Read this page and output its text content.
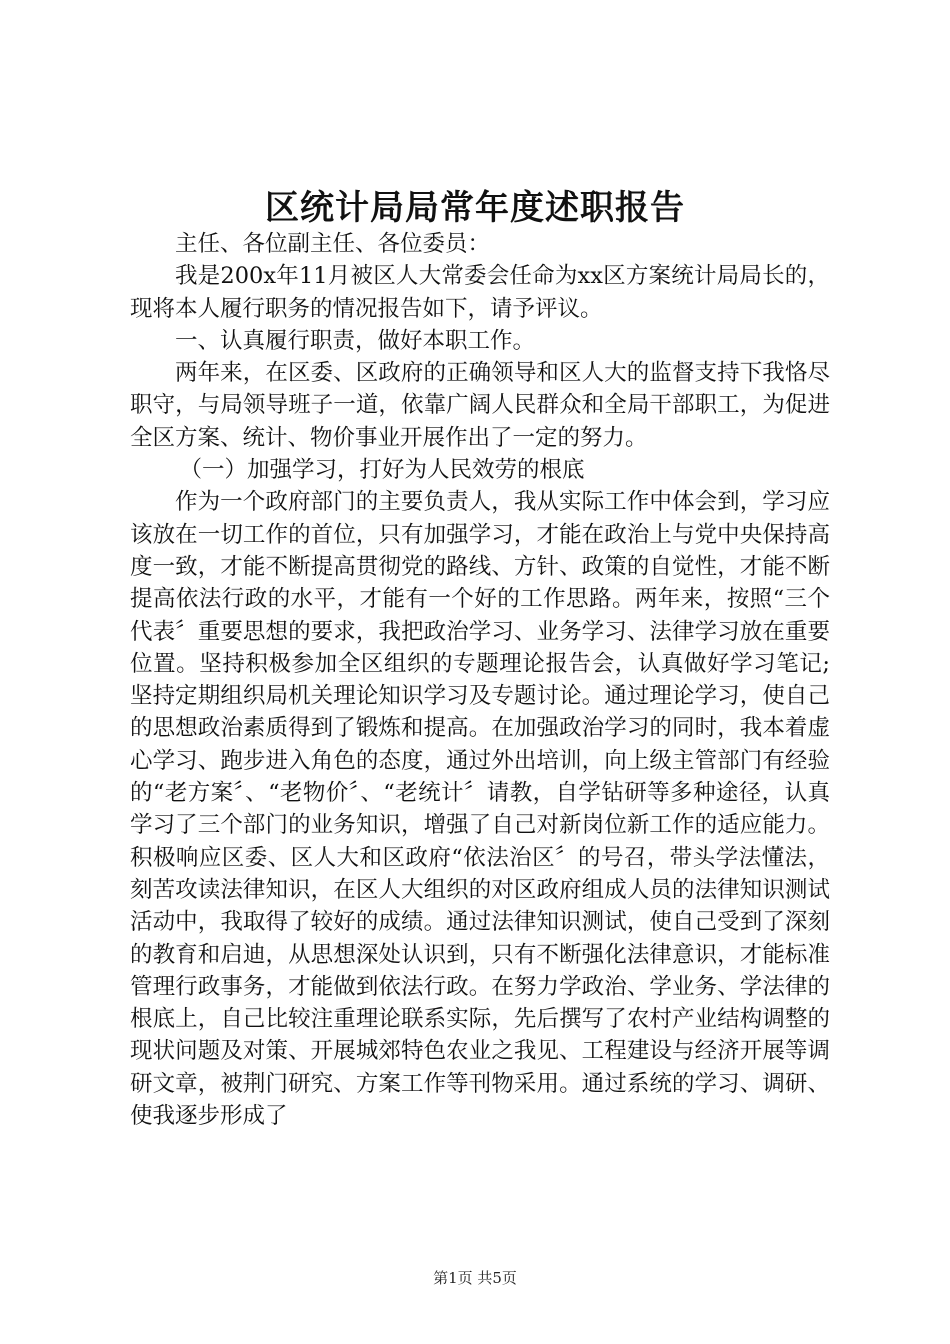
区统计局局常年度述职报告

主任、各位副主任、各位委员：

我是200x年11月被区人大常委会任命为xx区方案统计局局长的，现将本人履行职务的情况报告如下，请予评议。

一、认真履行职责，做好本职工作。

两年来，在区委、区政府的正确领导和区人大的监督支持下我恪尽职守，与局领导班子一道，依靠广阔人民群众和全局干部职工，为促进全区方案、统计、物价事业开展作出了一定的努力。

（一）加强学习，打好为人民效劳的根底

作为一个政府部门的主要负责人，我从实际工作中体会到，学习应该放在一切工作的首位，只有加强学习，才能在政治上与党中央保持高度一致，才能不断提高贯彻党的路线、方针、政策的自觉性，才能不断提高依法行政的水平，才能有一个好的工作思路。两年来，按照“三个代表〞重要思想的要求，我把政治学习、业务学习、法律学习放在重要位置。坚持积极参加全区组织的专题理论报告会，认真做好学习笔记;坚持定期组织局机关理论知识学习及专题讨论。通过理论学习，使自己的思想政治素质得到了锻炼和提高。在加强政治学习的同时，我本着虚心学习、跑步进入角色的态度，通过外出培训，向上级主管部门有经验的“老方案〞、“老物价〞、“老统计〞请教，自学钻研等多种途径，认真学习了三个部门的业务知识，增强了自己对新岗位新工作的适应能力。积极响应区委、区人大和区政府“依法治区〞的号召，带头学法懂法，刻苦攻读法律知识，在区人大组织的对区政府组成人员的法律知识测试活动中，我取得了较好的成绩。通过法律知识测试，使自己受到了深刻的教育和启迪，从思想深处认识到，只有不断强化法律意识，才能标准管理行政事务，才能做到依法行政。在努力学政治、学业务、学法律的根底上，自己比较注重理论联系实际，先后撰写了农村产业结构调整的现状问题及对策、开展城郊特色农业之我见、工程建设与经济开展等调研文章，被荆门研究、方案工作等刊物采用。通过系统的学习、调研、使我逐步形成了

第1页 共5页
